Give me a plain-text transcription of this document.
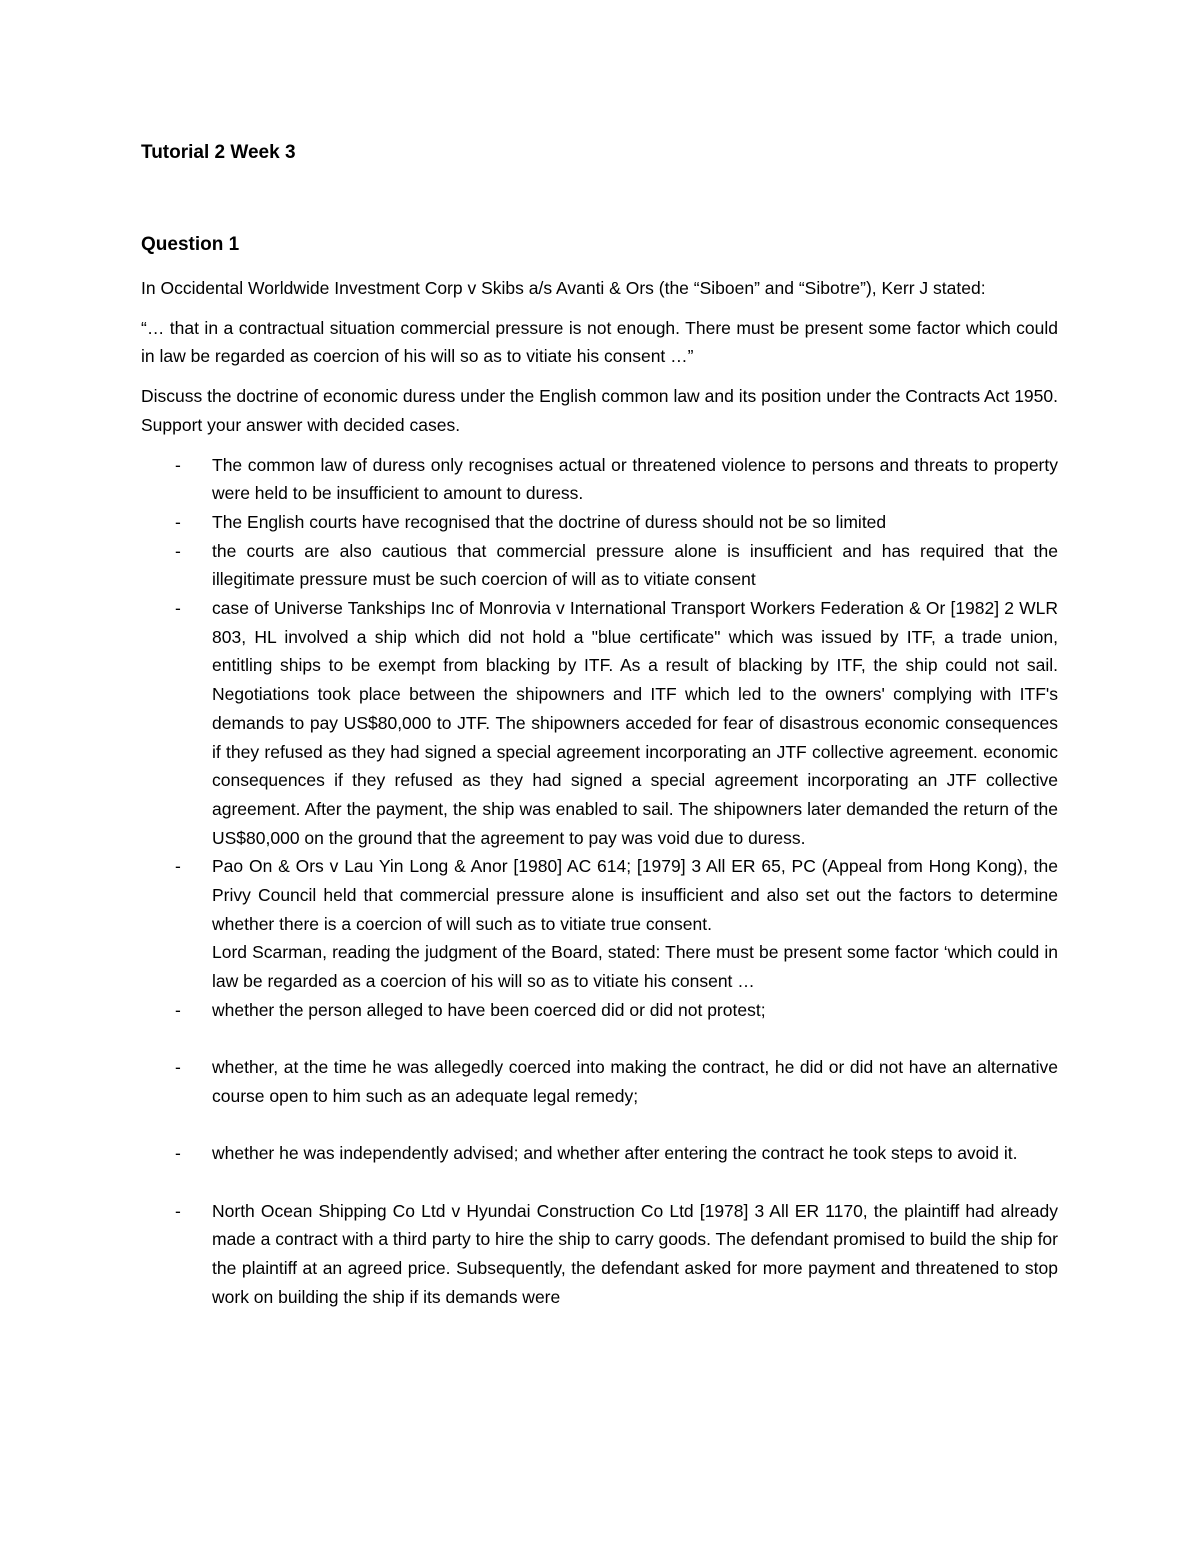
Tutorial 2 Week 3
Question 1

In Occidental Worldwide Investment Corp v Skibs a/s Avanti & Ors (the “Siboen” and “Sibotre”), Kerr J stated:

“… that in a contractual situation commercial pressure is not enough. There must be present some factor which could in law be regarded as coercion of his will so as to vitiate his consent …”

Discuss the doctrine of economic duress under the English common law and its position under the Contracts Act 1950. Support your answer with decided cases.

- The common law of duress only recognises actual or threatened violence to persons and threats to property were held to be insufficient to amount to duress.
- The English courts have recognised that the doctrine of duress should not be so limited
- the courts are also cautious that commercial pressure alone is insufficient and has required that the illegitimate pressure must be such coercion of will as to vitiate consent
- case of Universe Tankships Inc of Monrovia v International Transport Workers Federation & Or [1982] 2 WLR 803, HL involved a ship which did not hold a "blue certificate" which was issued by ITF, a trade union, entitling ships to be exempt from blacking by ITF. As a result of blacking by ITF, the ship could not sail. Negotiations took place between the shipowners and ITF which led to the owners' complying with ITF's demands to pay US$80,000 to JTF. The shipowners acceded for fear of disastrous economic consequences if they refused as they had signed a special agreement incorporating an JTF collective agreement. economic consequences if they refused as they had signed a special agreement incorporating an JTF collective agreement. After the payment, the ship was enabled to sail. The shipowners later demanded the return of the US$80,000 on the ground that the agreement to pay was void due to duress.
- Pao On & Ors v Lau Yin Long & Anor [1980] AC 614; [1979] 3 All ER 65, PC (Appeal from Hong Kong), the Privy Council held that commercial pressure alone is insufficient and also set out the factors to determine whether there is a coercion of will such as to vitiate true consent.
Lord Scarman, reading the judgment of the Board, stated: There must be present some factor ‘which could in law be regarded as a coercion of his will so as to vitiate his consent …
- whether the person alleged to have been coerced did or did not protest;
- whether, at the time he was allegedly coerced into making the contract, he did or did not have an alternative course open to him such as an adequate legal remedy;
- whether he was independently advised; and whether after entering the contract he took steps to avoid it.
- North Ocean Shipping Co Ltd v Hyundai Construction Co Ltd [1978] 3 All ER 1170, the plaintiff had already made a contract with a third party to hire the ship to carry goods. The defendant promised to build the ship for the plaintiff at an agreed price. Subsequently, the defendant asked for more payment and threatened to stop work on building the ship if its demands were
